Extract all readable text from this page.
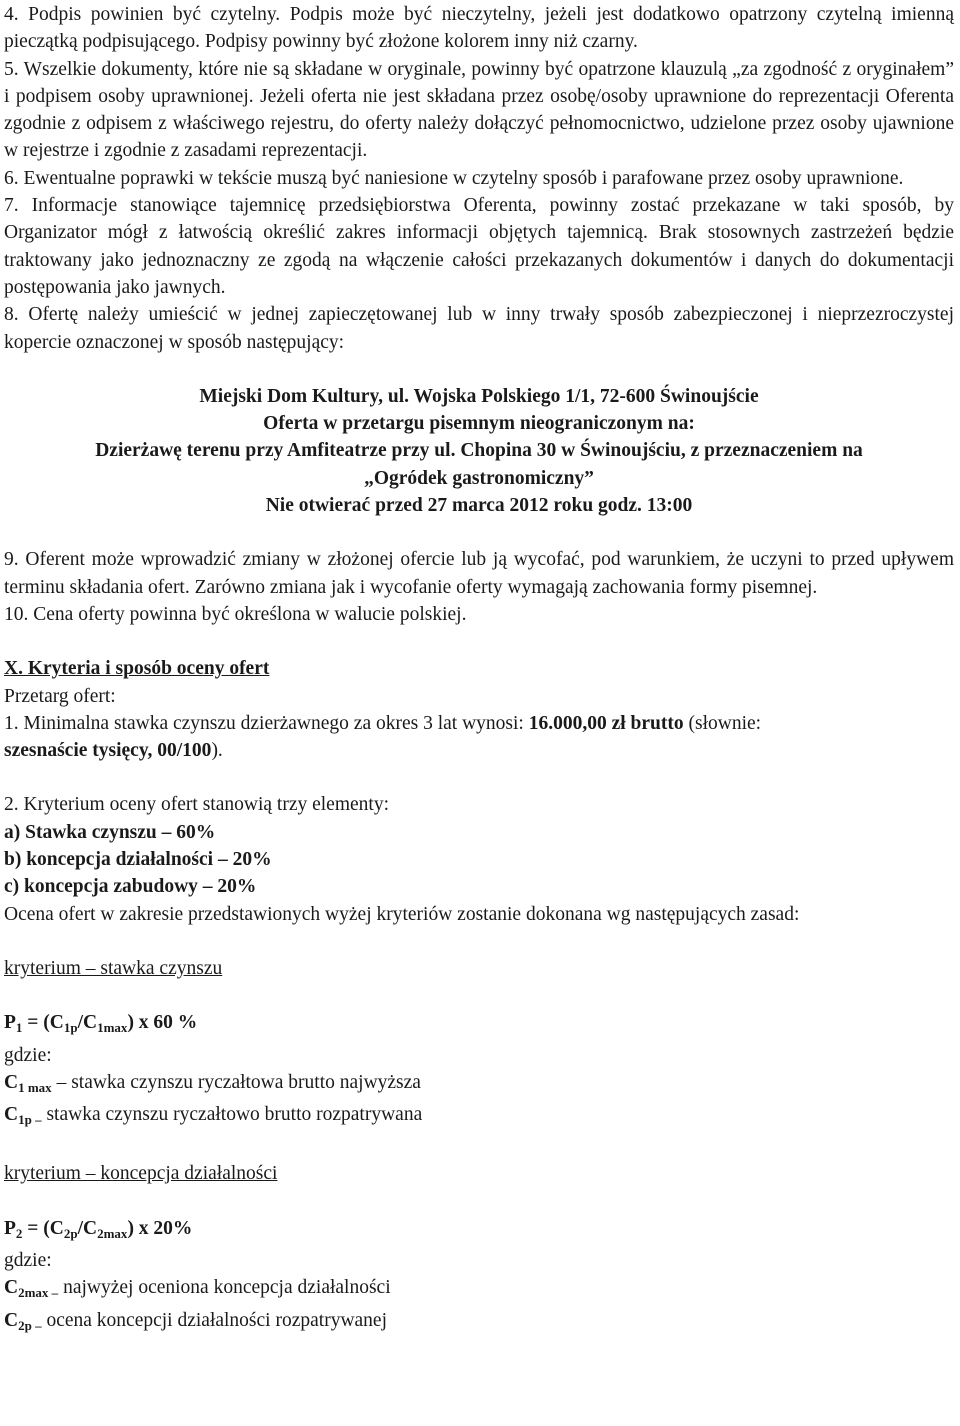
4. Podpis powinien być czytelny. Podpis może być nieczytelny, jeżeli jest dodatkowo opatrzony czytelną imienną pieczątką podpisującego. Podpisy powinny być złożone kolorem inny niż czarny.

5. Wszelkie dokumenty, które nie są składane w oryginale, powinny być opatrzone klauzulą „za zgodność z oryginałem” i podpisem osoby uprawnionej. Jeżeli oferta nie jest składana przez osobę/osoby uprawnione do reprezentacji Oferenta zgodnie z odpisem z właściwego rejestru, do oferty należy dołączyć pełnomocnictwo, udzielone przez osoby ujawnione w rejestrze i zgodnie z zasadami reprezentacji.

6. Ewentualne poprawki w tekście muszą być naniesione w czytelny sposób i parafowane przez osoby uprawnione.

7. Informacje stanowiące tajemnicę przedsiębiorstwa Oferenta, powinny zostać przekazane w taki sposób, by Organizator mógł z łatwością określić zakres informacji objętych tajemnicą. Brak stosownych zastrzeżeń będzie traktowany jako jednoznaczny ze zgodą na włączenie całości przekazanych dokumentów i danych do dokumentacji postępowania jako jawnych.

8. Ofertę należy umieścić w jednej zapieczętowanej lub w inny trwały sposób zabezpieczonej i nieprzezroczystej kopercie oznaczonej w sposób następujący:

Miejski Dom Kultury, ul. Wojska Polskiego 1/1, 72-600 Świnoujście

Oferta w przetargu pisemnym nieograniczonym na:

Dzierżawę terenu przy Amfiteatrze przy ul. Chopina 30 w Świnoujściu, z przeznaczeniem na

„Ogródek gastronomiczny”

Nie otwierać przed 27 marca 2012 roku godz. 13:00

9. Oferent może wprowadzić zmiany w złożonej ofercie lub ją wycofać, pod warunkiem, że uczyni to przed upływem terminu składania ofert. Zarówno zmiana jak i wycofanie oferty wymagają zachowania formy pisemnej.

10. Cena oferty powinna być określona w walucie polskiej.

X. Kryteria i sposób oceny ofert

Przetarg ofert:

1. Minimalna stawka czynszu dzierżawnego za okres 3 lat wynosi: 16.000,00 zł brutto (słownie:
szesnaście tysięcy, 00/100).

2. Kryterium oceny ofert stanowią trzy elementy:

a) Stawka czynszu – 60%

b) koncepcja działalności – 20%

c) koncepcja zabudowy – 20%

Ocena ofert w zakresie przedstawionych wyżej kryteriów zostanie dokonana wg następujących zasad:

kryterium – stawka czynszu

$P_1 = (C_{1p}/C_{1max})$ x 60 %

gdzie:

$C_{1 max}$ – stawka czynszu ryczałtowa brutto najwyższa

$C_{1p -}$ stawka czynszu ryczałtowo brutto rozpatrywana

kryterium – koncepcja działalności

$P_2 = (C_{2p}/C_{2max})$ x 20%

gdzie:

$C_{2max -}$ najwyżej oceniona koncepcja działalności

$C_{2p -}$ ocena koncepcji działalności rozpatrywanej
